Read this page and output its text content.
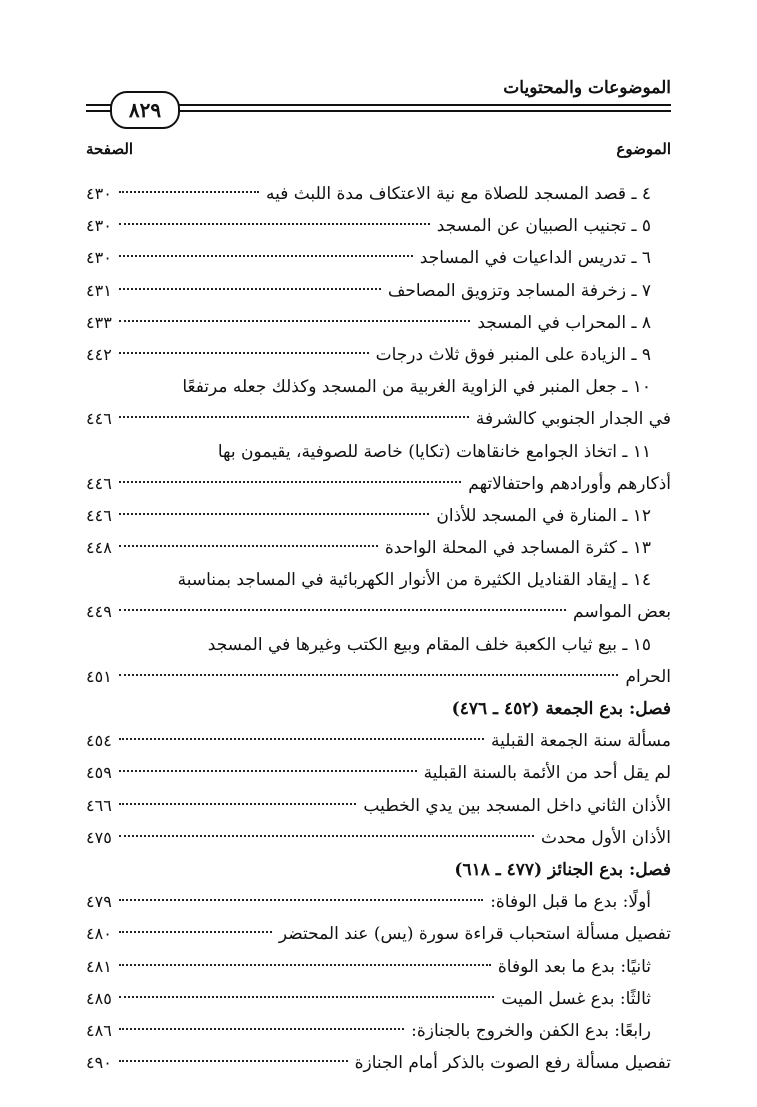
الموضوعات والمحتويات
٨٢٩
الموضوع
الصفحة
٤ ـ قصد المسجد للصلاة مع نية الاعتكاف مدة اللبث فيه
٤٣٠
٥ ـ تجنيب الصبيان عن المسجد
٤٣٠
٦ ـ تدريس الداعيات في المساجد
٤٣٠
٧ ـ زخرفة المساجد وتزويق المصاحف
٤٣١
٨ ـ المحراب في المسجد
٤٣٣
٩ ـ الزيادة على المنبر فوق ثلاث درجات
٤٤٢
١٠ ـ جعل المنبر في الزاوية الغربية من المسجد وكذلك جعله مرتفعًا
في الجدار الجنوبي كالشرفة
٤٤٦
١١ ـ اتخاذ الجوامع خانقاهات (تكايا) خاصة للصوفية، يقيمون بها
أذكارهم وأورادهم واحتفالاتهم
٤٤٦
١٢ ـ المنارة في المسجد للأذان
٤٤٦
١٣ ـ كثرة المساجد في المحلة الواحدة
٤٤٨
١٤ ـ إيقاد القناديل الكثيرة من الأنوار الكهربائية في المساجد بمناسبة
بعض المواسم
٤٤٩
١٥ ـ بيع ثياب الكعبة خلف المقام وبيع الكتب وغيرها في المسجد
الحرام
٤٥١
فصل: بدع الجمعة (٤٥٢ ـ ٤٧٦)
مسألة سنة الجمعة القبلية
٤٥٤
لم يقل أحد من الأئمة بالسنة القبلية
٤٥٩
الأذان الثاني داخل المسجد بين يدي الخطيب
٤٦٦
الأذان الأول محدث
٤٧٥
فصل: بدع الجنائز (٤٧٧ ـ ٦١٨)
أولًا: بدع ما قبل الوفاة:
٤٧٩
تفصيل مسألة استحباب قراءة سورة (يس) عند المحتضر
٤٨٠
ثانيًا: بدع ما بعد الوفاة
٤٨١
ثالثًا: بدع غسل الميت
٤٨٥
رابعًا: بدع الكفن والخروج بالجنازة:
٤٨٦
تفصيل مسألة رفع الصوت بالذكر أمام الجنازة
٤٩٠
